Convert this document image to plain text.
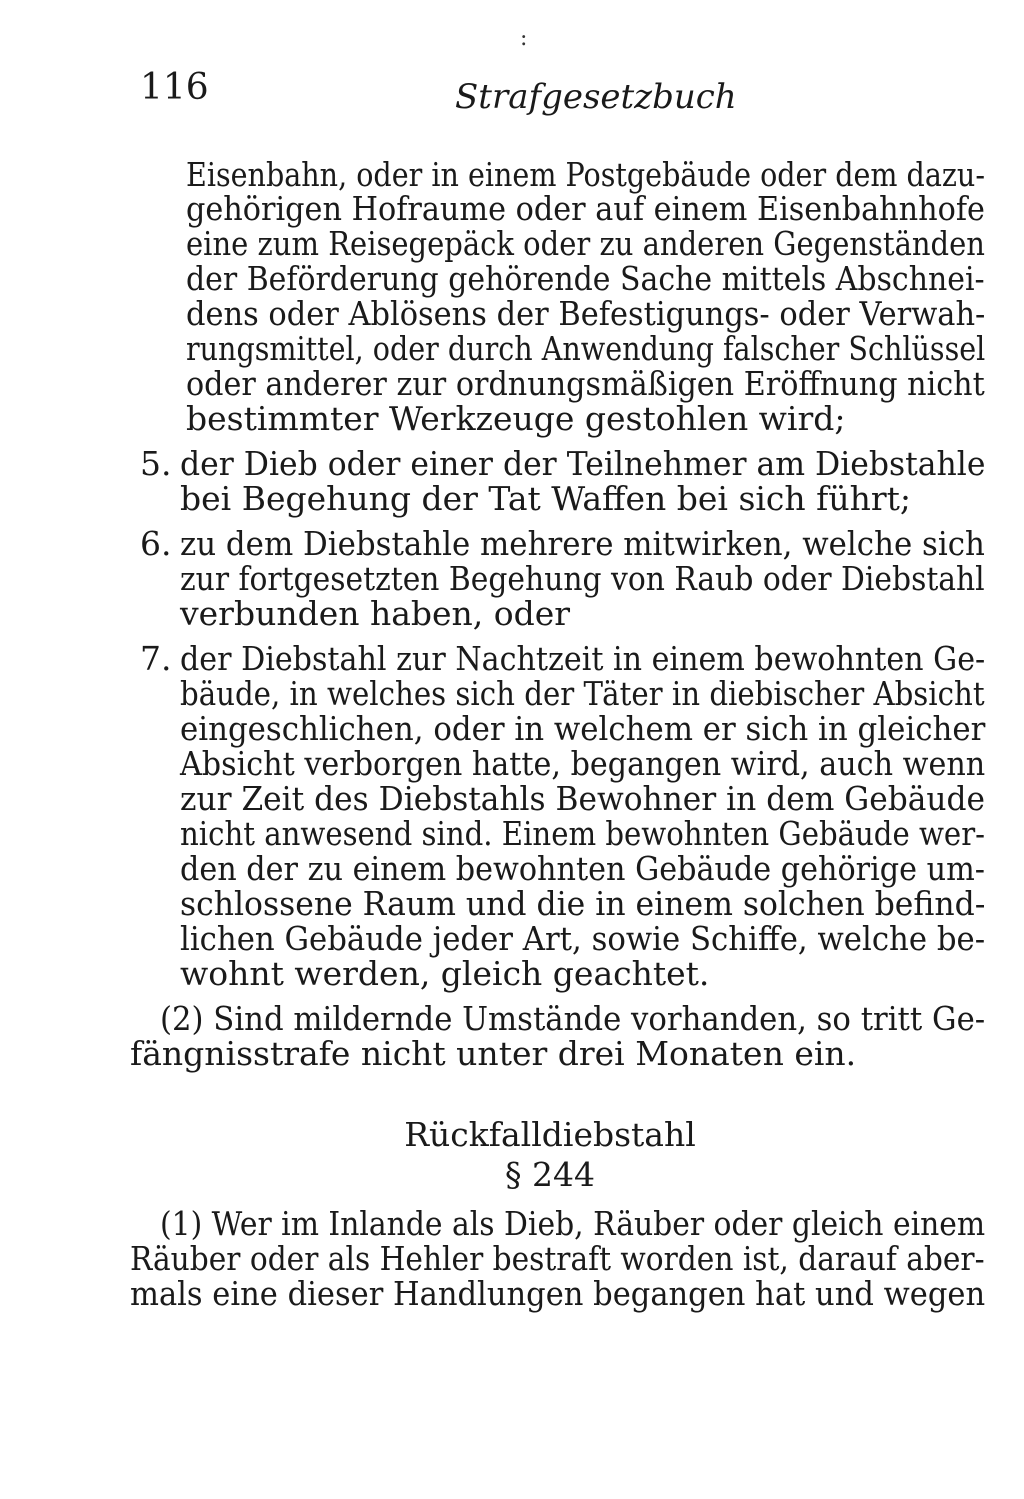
:
116	Strafgesetzbuch
Eisenbahn, oder in einem Postgebäude oder dem dazu-
gehörigen Hofraume oder auf einem Eisenbahnhofe
eine zum Reisegepäck oder zu anderen Gegenständen
der Beförderung gehörende Sache mittels Abschnei-
dens oder Ablösens der Befestigungs- oder Verwah-
rungsmittel, oder durch Anwendung falscher Schlüssel
oder anderer zur ordnungsmäßigen Eröffnung nicht
bestimmter Werkzeuge gestohlen wird;
5. der Dieb oder einer der Teilnehmer am Diebstahle
bei Begehung der Tat Waffen bei sich führt;
6. zu dem Diebstahle mehrere mitwirken, welche sich
zur fortgesetzten Begehung von Raub oder Diebstahl
verbunden haben, oder
7. der Diebstahl zur Nachtzeit in einem bewohnten Ge-
bäude, in welches sich der Täter in diebischer Absicht
eingeschlichen, oder in welchem er sich in gleicher
Absicht verborgen hatte, begangen wird, auch wenn
zur Zeit des Diebstahls Bewohner in dem Gebäude
nicht anwesend sind. Einem bewohnten Gebäude wer-
den der zu einem bewohnten Gebäude gehörige um-
schlossene Raum und die in einem solchen befind-
lichen Gebäude jeder Art, sowie Schiffe, welche be-
wohnt werden, gleich geachtet.
(2) Sind mildernde Umstände vorhanden, so tritt Ge-
fängnisstrafe nicht unter drei Monaten ein.
Rückfalldiebstahl
§ 244
(1) Wer im Inlande als Dieb, Räuber oder gleich einem
Räuber oder als Hehler bestraft worden ist, darauf aber-
mals eine dieser Handlungen begangen hat und wegen
